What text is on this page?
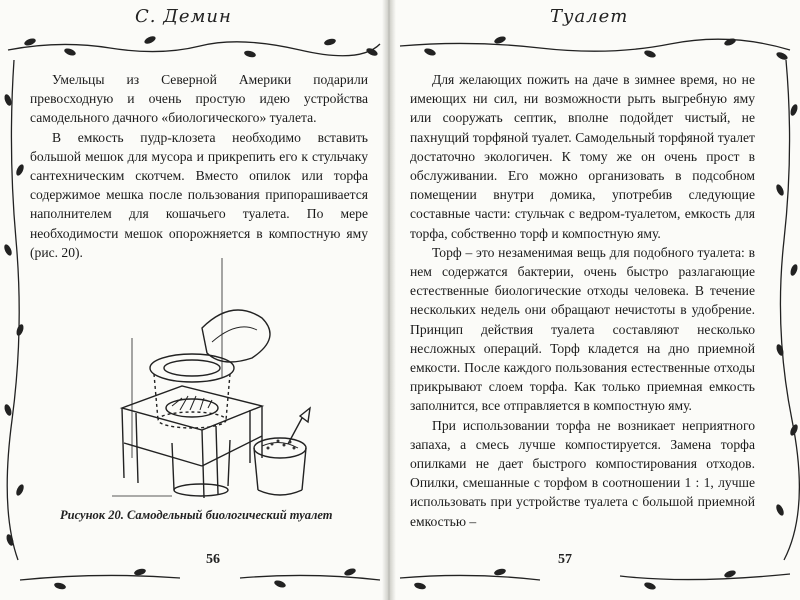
С. Демин

Умельцы из Северной Америки подарили превосходную и очень простую идею устройства самодельного дачного «биологического» туалета.

В емкость пудр-клозета необходимо вставить большой мешок для мусора и прикрепить его к стульчаку сантехническим скотчем. Вместо опилок или торфа содержимое мешка после пользования припорашивается наполнителем для кошачьего туалета. По мере необходимости мешок опорожняется в компостную яму (рис. 20).

Рисунок 20. Самодельный биологический туалет
56
Туалет

Для желающих пожить на даче в зимнее время, но не имеющих ни сил, ни возможности рыть выгребную яму или сооружать септик, вполне подойдет чистый, не пахнущий торфяной туалет. Самодельный торфяной туалет достаточно экологичен. К тому же он очень прост в обслуживании. Его можно организовать в подсобном помещении внутри домика, употребив следующие составные части: стульчак с ведром-туалетом, емкость для торфа, собственно торф и компостную яму.

Торф – это незаменимая вещь для подобного туалета: в нем содержатся бактерии, очень быстро разлагающие естественные биологические отходы человека. В течение нескольких недель они обращают нечистоты в удобрение. Принцип действия туалета составляют несколько несложных операций. Торф кладется на дно приемной емкости. После каждого пользования естественные отходы прикрывают слоем торфа. Как только приемная емкость заполнится, все отправляется в компостную яму.

При использовании торфа не возникает неприятного запаха, а смесь лучше компостируется. Замена торфа опилками не дает быстрого компостирования отходов. Опилки, смешанные с торфом в соотношении 1 : 1, лучше использовать при устройстве туалета с большой приемной емкостью –

57
